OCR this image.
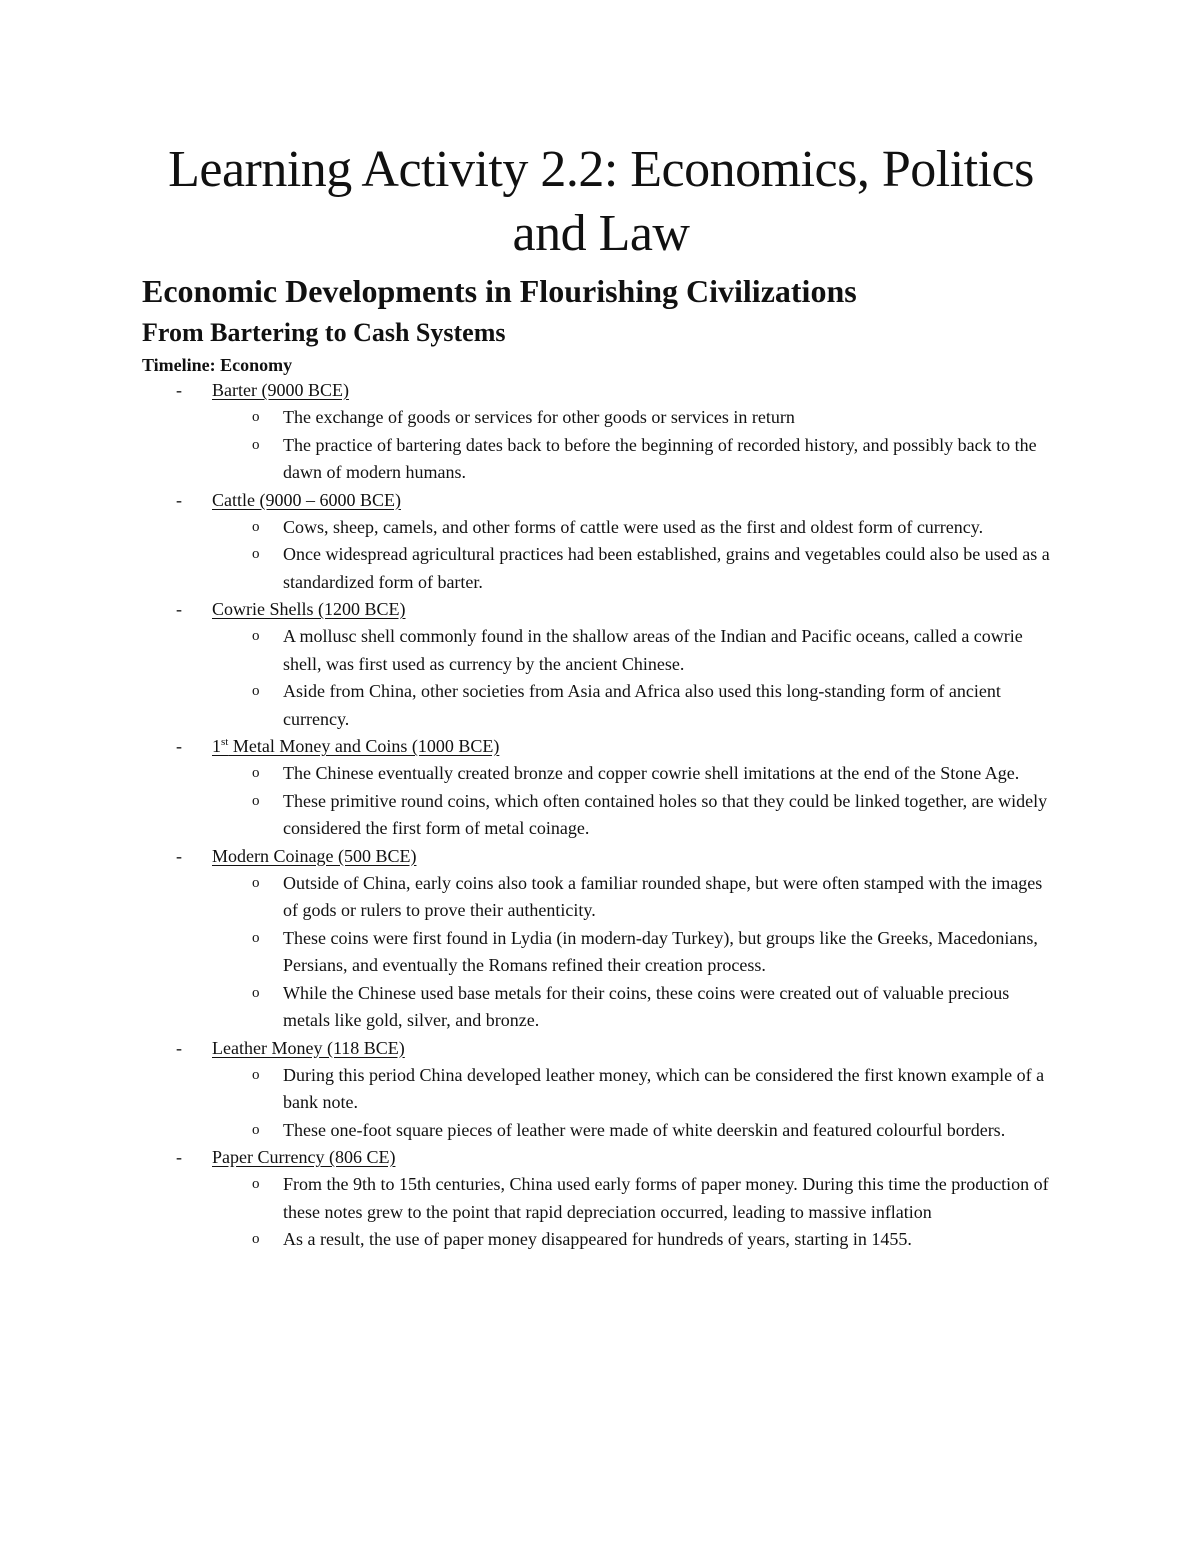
Learning Activity 2.2: Economics, Politics and Law
Economic Developments in Flourishing Civilizations
From Bartering to Cash Systems
Timeline: Economy
- Barter (9000 BCE)
o The exchange of goods or services for other goods or services in return
o The practice of bartering dates back to before the beginning of recorded history, and possibly back to the dawn of modern humans.
- Cattle (9000 – 6000 BCE)
o Cows, sheep, camels, and other forms of cattle were used as the first and oldest form of currency.
o Once widespread agricultural practices had been established, grains and vegetables could also be used as a standardized form of barter.
- Cowrie Shells (1200 BCE)
o A mollusc shell commonly found in the shallow areas of the Indian and Pacific oceans, called a cowrie shell, was first used as currency by the ancient Chinese.
o Aside from China, other societies from Asia and Africa also used this long-standing form of ancient currency.
- 1st Metal Money and Coins (1000 BCE)
o The Chinese eventually created bronze and copper cowrie shell imitations at the end of the Stone Age.
o These primitive round coins, which often contained holes so that they could be linked together, are widely considered the first form of metal coinage.
- Modern Coinage (500 BCE)
o Outside of China, early coins also took a familiar rounded shape, but were often stamped with the images of gods or rulers to prove their authenticity.
o These coins were first found in Lydia (in modern-day Turkey), but groups like the Greeks, Macedonians, Persians, and eventually the Romans refined their creation process.
o While the Chinese used base metals for their coins, these coins were created out of valuable precious metals like gold, silver, and bronze.
- Leather Money (118 BCE)
o During this period China developed leather money, which can be considered the first known example of a bank note.
o These one-foot square pieces of leather were made of white deerskin and featured colourful borders.
- Paper Currency (806 CE)
o From the 9th to 15th centuries, China used early forms of paper money. During this time the production of these notes grew to the point that rapid depreciation occurred, leading to massive inflation
o As a result, the use of paper money disappeared for hundreds of years, starting in 1455.
